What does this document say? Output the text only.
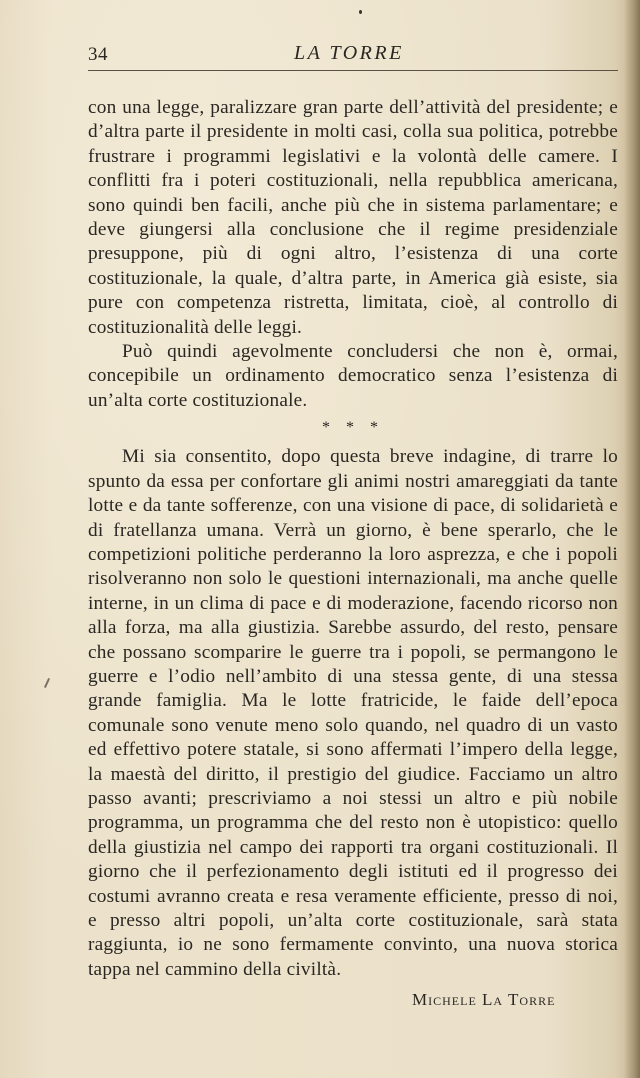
34	LA TORRE

con una legge, paralizzare gran parte dell’attività del presidente; e d’altra parte il presidente in molti casi, colla sua politica, potrebbe frustrare i programmi legislativi e la volontà delle camere. I conflitti fra i poteri costituzionali, nella repubblica americana, sono quindi ben facili, anche più che in sistema parlamentare; e deve giungersi alla conclusione che il regime presidenziale presuppone, più di ogni altro, l’esistenza di una corte costituzionale, la quale, d’altra parte, in America già esiste, sia pure con competenza ristretta, limitata, cioè, al controllo di costituzionalità delle leggi.

Può quindi agevolmente concludersi che non è, ormai, concepibile un ordinamento democratico senza l’esistenza di un’alta corte costituzionale.

* * *

Mi sia consentito, dopo questa breve indagine, di trarre lo spunto da essa per confortare gli animi nostri amareggiati da tante lotte e da tante sofferenze, con una visione di pace, di solidarietà e di fratellanza umana. Verrà un giorno, è bene sperarlo, che le competizioni politiche perderanno la loro asprezza, e che i popoli risolveranno non solo le questioni internazionali, ma anche quelle interne, in un clima di pace e di moderazione, facendo ricorso non alla forza, ma alla giustizia. Sarebbe assurdo, del resto, pensare che possano scomparire le guerre tra i popoli, se permangono le guerre e l’odio nell’ambito di una stessa gente, di una stessa grande famiglia. Ma le lotte fratricide, le faide dell’epoca comunale sono venute meno solo quando, nel quadro di un vasto ed effettivo potere statale, si sono affermati l’impero della legge, la maestà del diritto, il prestigio del giudice. Facciamo un altro passo avanti; prescriviamo a noi stessi un altro e più nobile programma, un programma che del resto non è utopistico: quello della giustizia nel campo dei rapporti tra organi costituzionali. Il giorno che il perfezionamento degli istituti ed il progresso dei costumi avranno creata e resa veramente efficiente, presso di noi, e presso altri popoli, un’alta corte costituzionale, sarà stata raggiunta, io ne sono fermamente convinto, una nuova storica tappa nel cammino della civiltà.

Michele La Torre
